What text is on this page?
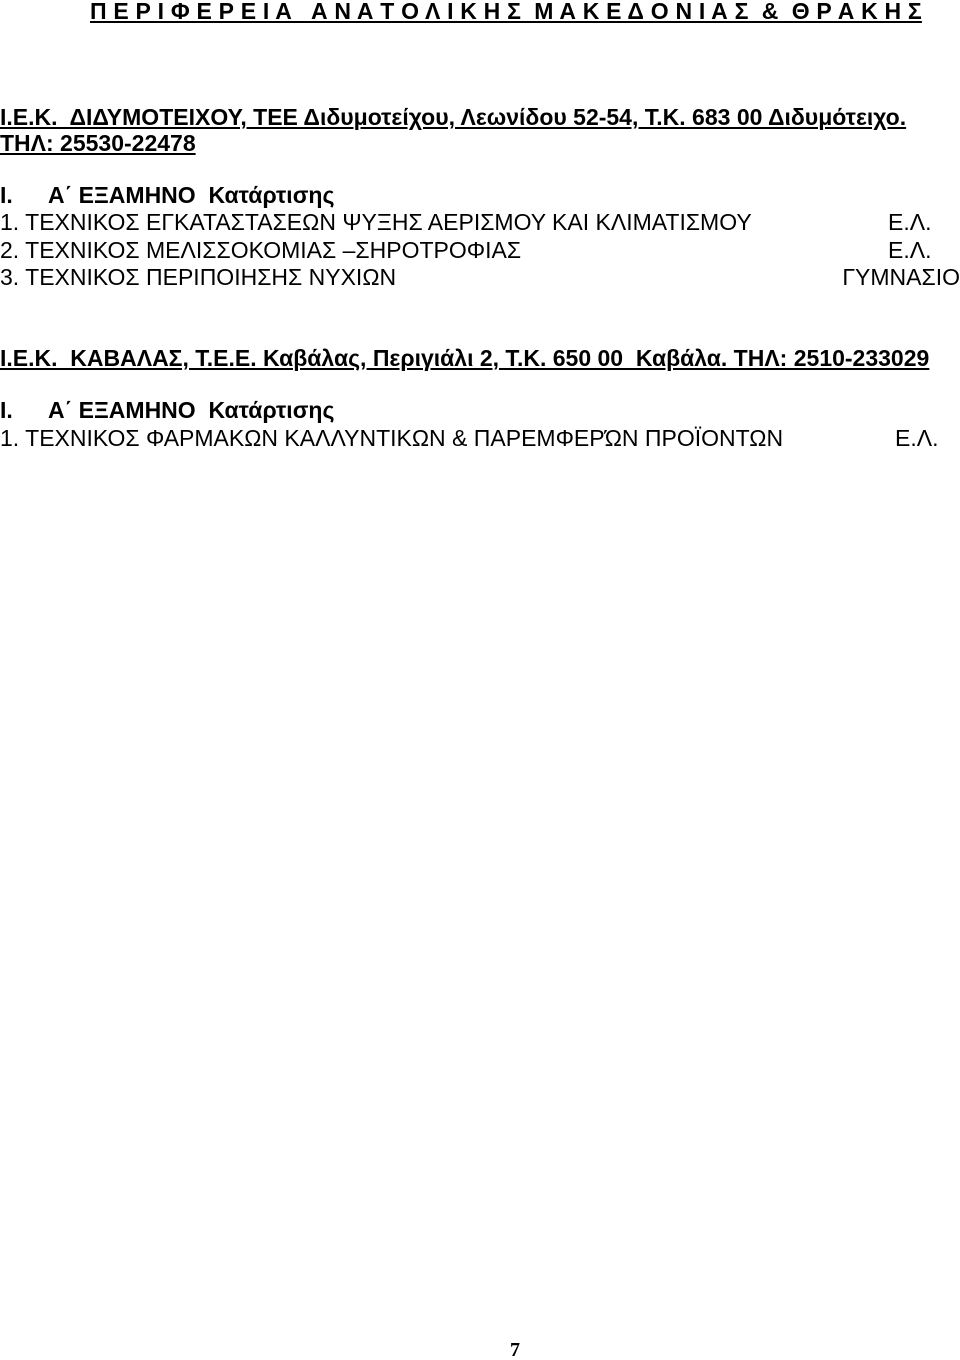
Π Ε Ρ Ι Φ Ε Ρ Ε Ι Α   Α Ν Α Τ Ο Λ Ι Κ Η Σ  Μ Α Κ Ε Δ Ο Ν Ι Α Σ  &  Θ Ρ Α Κ Η Σ
Ι.Ε.Κ.  ΔΙΔΥΜΟΤΕΙΧΟΥ, ΤΕΕ Διδυμοτείχου, Λεωνίδου 52-54, Τ.Κ. 683 00 Διδυμότειχο.
ΤΗΛ: 25530-22478
I. Α΄ ΕΞΑΜΗΝΟ  Κατάρτισης
1. ΤΕΧΝΙΚΟΣ ΕΓΚΑΤΑΣΤΑΣΕΩΝ ΨΥΞΗΣ ΑΕΡΙΣΜΟΥ ΚΑΙ ΚΛΙΜΑΤΙΣΜΟΥ	Ε.Λ.
2. ΤΕΧΝΙΚΟΣ ΜΕΛΙΣΣΟΚΟΜΙΑΣ –ΣΗΡΟΤΡΟΦΙΑΣ	Ε.Λ.
3. ΤΕΧΝΙΚΟΣ ΠΕΡΙΠΟΙΗΣΗΣ ΝΥΧΙΩΝ	ΓΥΜΝΑΣΙΟ
Ι.Ε.Κ.  ΚΑΒΑΛΑΣ, Τ.Ε.Ε. Καβάλας, Περιγιάλι 2, Τ.Κ. 650 00  Καβάλα. ΤΗΛ: 2510-233029
I. Α΄ ΕΞΑΜΗΝΟ  Κατάρτισης
1. ΤΕΧΝΙΚΟΣ ΦΑΡΜΑΚΩΝ ΚΑΛΛΥΝΤΙΚΩΝ & ΠΑΡΕΜΦΕΡΏΝ ΠΡΟΪΟΝΤΩΝ	Ε.Λ.
7
